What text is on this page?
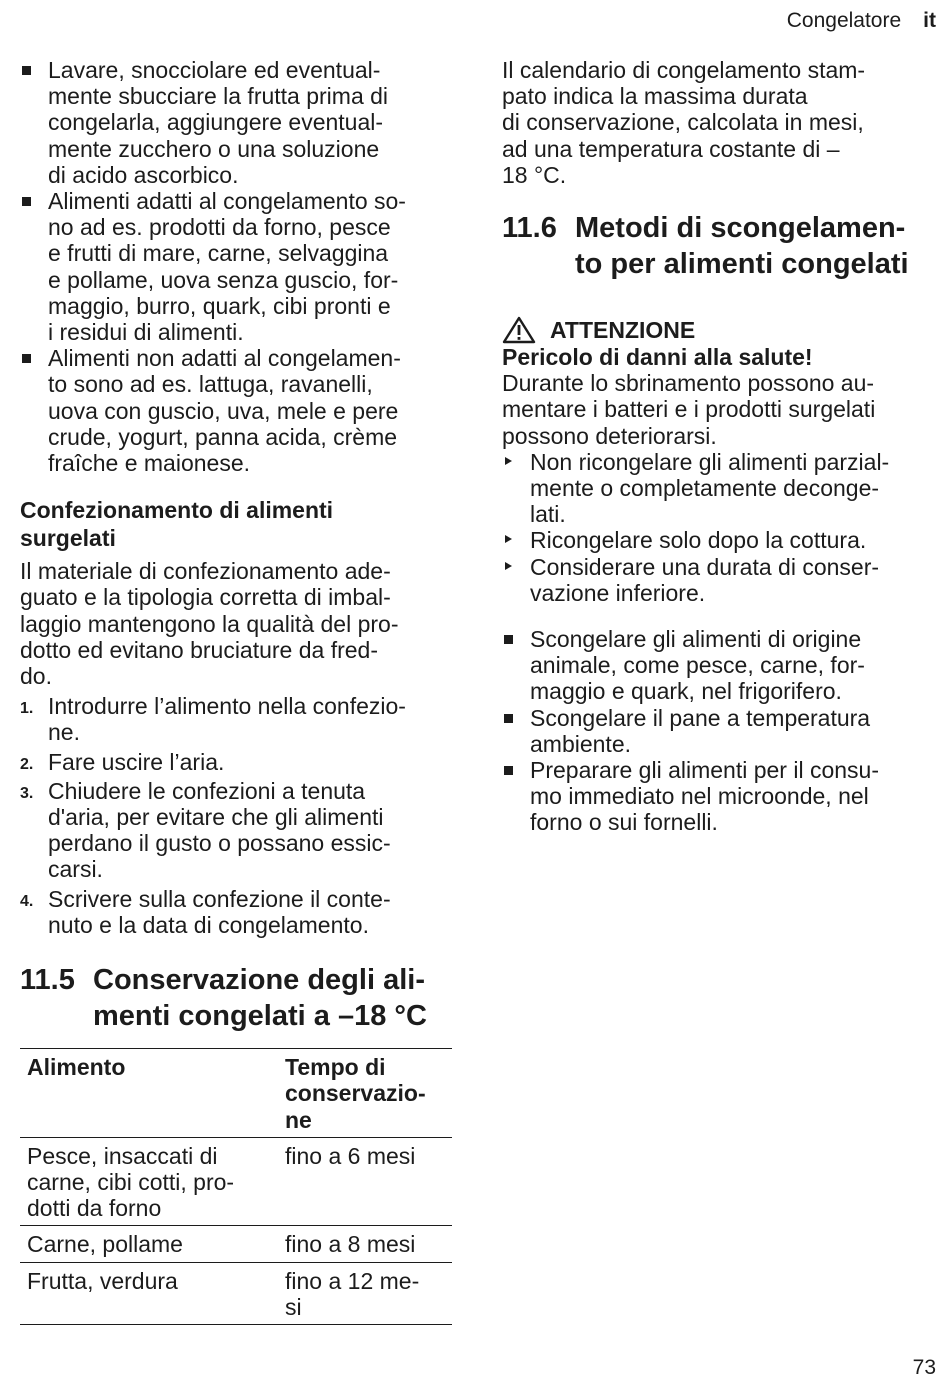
Congelatore it
Lavare, snocciolare ed eventual-
mente sbucciare la frutta prima di
congelarla, aggiungere eventual-
mente zucchero o una soluzione
di acido ascorbico.
Alimenti adatti al congelamento so-
no ad es. prodotti da forno, pesce
e frutti di mare, carne, selvaggina
e pollame, uova senza guscio, for-
maggio, burro, quark, cibi pronti e
i residui di alimenti.
Alimenti non adatti al congelamen-
to sono ad es. lattuga, ravanelli,
uova con guscio, uva, mele e pere
crude, yogurt, panna acida, crème
fraîche e maionese.
Confezionamento di alimenti
surgelati

Il materiale di confezionamento ade-
guato e la tipologia corretta di imbal-
laggio mantengono la qualità del pro-
dotto ed evitano bruciature da fred-
do.

1. Introdurre l’alimento nella confezio-
ne.
2. Fare uscire l’aria.
3. Chiudere le confezioni a tenuta
d'aria, per evitare che gli alimenti
perdano il gusto o possano essic-
carsi.
4. Scrivere sulla confezione il conte-
nuto e la data di congelamento.
11.5 Conservazione degli ali-
menti congelati a –18 °C
Alimento	Tempo di
conservazio-
ne
Pesce, insaccati di
carne, cibi cotti, pro-
dotti da forno	fino a 6 mesi
Carne, pollame	fino a 8 mesi
Frutta, verdura	fino a 12 me-
si

Il calendario di congelamento stam-
pato indica la massima durata
di conservazione, calcolata in mesi,
ad una temperatura costante di –
18 °C.

11.6 Metodi di scongelamen-
to per alimenti congelati
ATTENZIONE
Pericolo di danni alla salute!

Durante lo sbrinamento possono au-
mentare i batteri e i prodotti surgelati
possono deteriorarsi.

Non ricongelare gli alimenti parzial-
mente o completamente deconge-
lati.
Ricongelare solo dopo la cottura.
Considerare una durata di conser-
vazione inferiore.
Scongelare gli alimenti di origine
animale, come pesce, carne, for-
maggio e quark, nel frigorifero.
Scongelare il pane a temperatura
ambiente.
Preparare gli alimenti per il consu-
mo immediato nel microonde, nel
forno o sui fornelli.
73
